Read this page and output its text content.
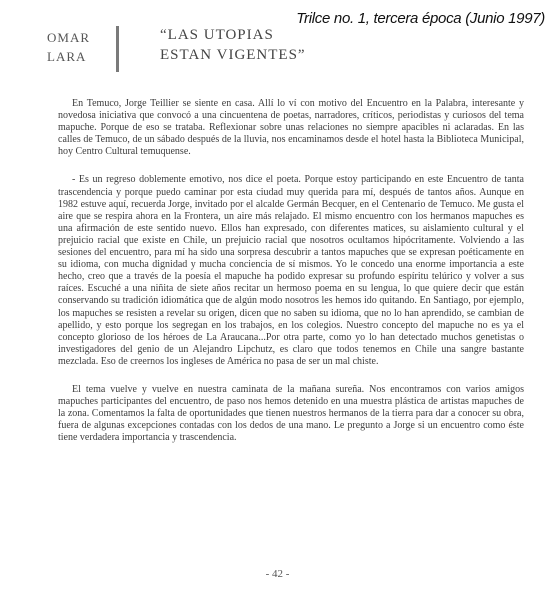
Trilce no. 1, tercera época (Junio 1997)
OMAR
LARA
“LAS UTOPIAS
ESTAN VIGENTES”

En Temuco, Jorge Teillier se siente en casa. Allí lo ví con motivo del Encuentro en la Palabra, interesante y novedosa iniciativa que convocó a una cincuentena de poetas, narradores, críticos, periodistas y curiosos del tema mapuche. Porque de eso se trataba. Reflexionar sobre unas relaciones no siempre apacibles ni aclaradas. En las calles de Temuco, de un sábado después de la lluvia, nos encaminamos desde el hotel hasta la Biblioteca Municipal, hoy Centro Cultural temuquense.

- Es un regreso doblemente emotivo, nos dice el poeta. Porque estoy participando en este Encuentro de tanta trascendencia y porque puedo caminar por esta ciudad muy querida para mí, después de tantos años. Aunque en 1982 estuve aquí, recuerda Jorge, invitado por el alcalde Germán Becquer, en el Centenario de Temuco. Me gusta el aire que se respira ahora en la Frontera, un aire más relajado. El mismo encuentro con los hermanos mapuches es una afirmación de este sentido nuevo. Ellos han expresado, con diferentes matices, su aislamiento cultural y el prejuicio racial que existe en Chile, un prejuicio racial que nosotros ocultamos hipócritamente. Volviendo a las sesiones del encuentro, para mí ha sido una sorpresa descubrir a tantos mapuches que se expresan poéticamente en su idioma, con mucha dignidad y mucha conciencia de sí mismos. Yo le concedo una enorme importancia a este hecho, creo que a través de la poesía el mapuche ha podido expresar su profundo espíritu telúrico y volver a sus raíces. Escuché a una niñita de siete años recitar un hermoso poema en su lengua, lo que quiere decir que están conservando su tradición idiomática que de algún modo nosotros les hemos ido quitando. En Santiago, por ejemplo, los mapuches se resisten a revelar su origen, dicen que no saben su idioma, que no lo han aprendido, se cambian de apellido, y esto porque los segregan en los trabajos, en los colegios. Nuestro concepto del mapuche no es ya el concepto glorioso de los héroes de La Araucana...Por otra parte, como yo lo han detectado muchos genetistas o investigadores del genio de un Alejandro Lipchutz, es claro que todos tenemos en Chile una sangre bastante mezclada. Eso de creernos los ingleses de América no pasa de ser un mal chiste.

El tema vuelve y vuelve en nuestra caminata de la mañana sureña. Nos encontramos con varios amigos mapuches participantes del encuentro, de paso nos hemos detenido en una muestra plástica de artistas mapuches de la zona. Comentamos la falta de oportunidades que tienen nuestros hermanos de la tierra para dar a conocer su obra, fuera de algunas excepciones contadas con los dedos de una mano. Le pregunto a Jorge si un encuentro como éste tiene verdadera importancia y trascendencia.

- 42 -
